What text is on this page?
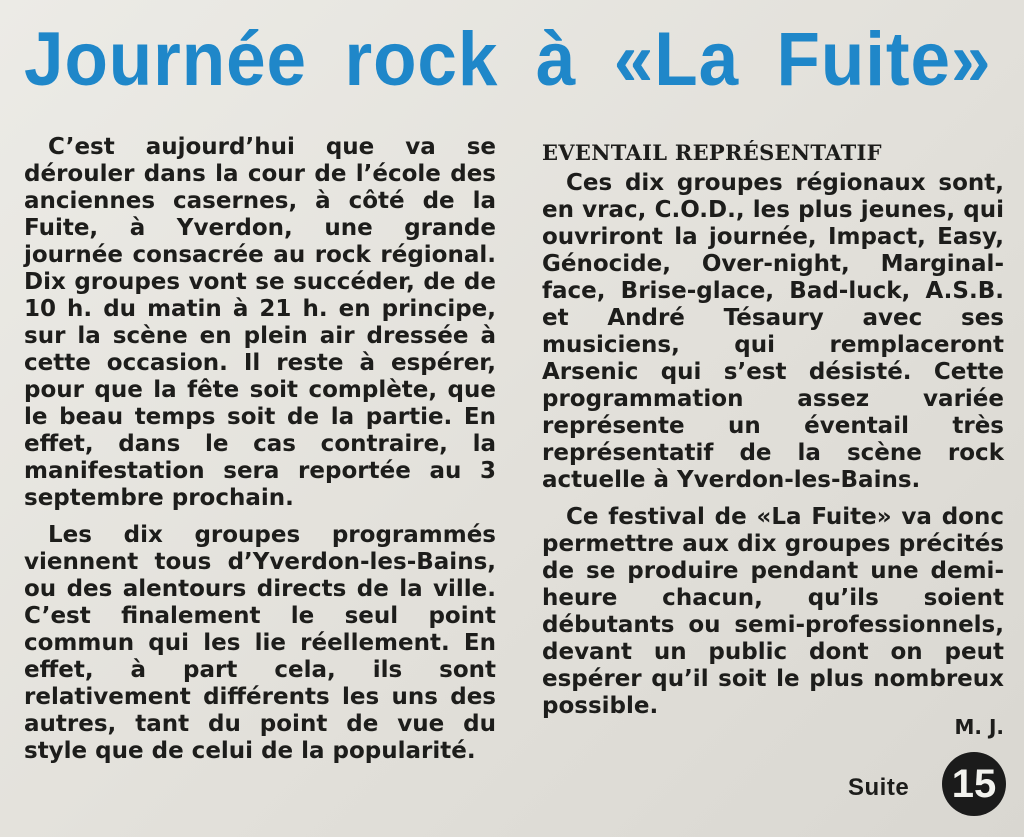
Journée rock à «La Fuite»

C’est aujourd’hui que va se dérouler dans la cour de l’école des anciennes casernes, à côté de la Fuite, à Yverdon, une grande journée consacrée au rock régional. Dix groupes vont se succéder, de de 10 h. du matin à 21 h. en principe, sur la scène en plein air dressée à cette occasion. Il reste à espérer, pour que la fête soit complète, que le beau temps soit de la partie. En effet, dans le cas contraire, la manifestation sera reportée au 3 septembre prochain.

Les dix groupes programmés viennent tous d’Yverdon-les-Bains, ou des alentours directs de la ville. C’est finalement le seul point commun qui les lie réellement. En effet, à part cela, ils sont relativement différents les uns des autres, tant du point de vue du style que de celui de la popularité.

EVENTAIL REPRÉSENTATIF

Ces dix groupes régionaux sont, en vrac, C.O.D., les plus jeunes, qui ouvriront la journée, Impact, Easy, Génocide, Over-night, Marginal-face, Brise-glace, Bad-luck, A.S.B. et André Tésaury avec ses musiciens, qui remplaceront Arsenic qui s’est désisté. Cette programmation assez variée représente un éventail très représentatif de la scène rock actuelle à Yverdon-les-Bains.

Ce festival de «La Fuite» va donc permettre aux dix groupes précités de se produire pendant une demi-heure chacun, qu’ils soient débutants ou semi-professionnels, devant un public dont on peut espérer qu’il soit le plus nombreux possible.

M. J.
Suite 15
